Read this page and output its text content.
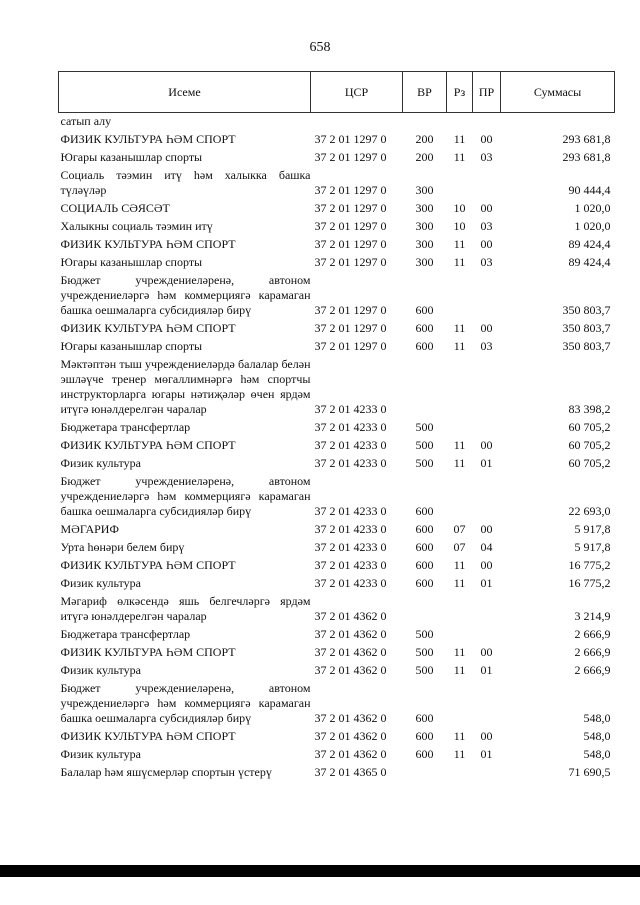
658
Исеме	ЦСР	ВР	Рз	ПР	Суммасы
сатып алу					
ФИЗИК КУЛЬТУРА ҺӘМ СПОРТ	37 2 01 1297 0	200	11	00	293 681,8
Югары казанышлар спорты	37 2 01 1297 0	200	11	03	293 681,8
Социаль тәэмин итү һәм халыкка башка түләүләр	37 2 01 1297 0	300			90 444,4
СОЦИАЛЬ СӘЯСӘТ	37 2 01 1297 0	300	10	00	1 020,0
Халыкны социаль тәэмин итү	37 2 01 1297 0	300	10	03	1 020,0
ФИЗИК КУЛЬТУРА ҺӘМ СПОРТ	37 2 01 1297 0	300	11	00	89 424,4
Югары казанышлар спорты	37 2 01 1297 0	300	11	03	89 424,4
Бюджет учреждениеләренә, автоном учреждениеләргә һәм коммерциягә карамаган башка оешмаларга субсидияләр бирү	37 2 01 1297 0	600			350 803,7
ФИЗИК КУЛЬТУРА ҺӘМ СПОРТ	37 2 01 1297 0	600	11	00	350 803,7
Югары казанышлар спорты	37 2 01 1297 0	600	11	03	350 803,7
Мәктәптән тыш учреждениеләрдә балалар белән эшләүче тренер мөгаллимнәргә һәм спортчы инструкторларга югары нәтиҗәләр өчен ярдәм итүгә юнәлдерелгән чаралар	37 2 01 4233 0				83 398,2
Бюджетара трансфертлар	37 2 01 4233 0	500			60 705,2
ФИЗИК КУЛЬТУРА ҺӘМ СПОРТ	37 2 01 4233 0	500	11	00	60 705,2
Физик культура	37 2 01 4233 0	500	11	01	60 705,2
Бюджет учреждениеләренә, автоном учреждениеләргә һәм коммерциягә карамаган башка оешмаларга субсидияләр бирү	37 2 01 4233 0	600			22 693,0
МӘГАРИФ	37 2 01 4233 0	600	07	00	5 917,8
Урта һөнәри белем бирү	37 2 01 4233 0	600	07	04	5 917,8
ФИЗИК КУЛЬТУРА ҺӘМ СПОРТ	37 2 01 4233 0	600	11	00	16 775,2
Физик культура	37 2 01 4233 0	600	11	01	16 775,2
Мәгариф өлкәсендә яшь белгечләргә ярдәм итүгә юнәлдерелгән чаралар	37 2 01 4362 0				3 214,9
Бюджетара трансфертлар	37 2 01 4362 0	500			2 666,9
ФИЗИК КУЛЬТУРА ҺӘМ СПОРТ	37 2 01 4362 0	500	11	00	2 666,9
Физик культура	37 2 01 4362 0	500	11	01	2 666,9
Бюджет учреждениеләренә, автоном учреждениеләргә һәм коммерциягә карамаган башка оешмаларга субсидияләр бирү	37 2 01 4362 0	600			548,0
ФИЗИК КУЛЬТУРА ҺӘМ СПОРТ	37 2 01 4362 0	600	11	00	548,0
Физик культура	37 2 01 4362 0	600	11	01	548,0
Балалар һәм яшүсмерләр спортын үстерү	37 2 01 4365 0				71 690,5
